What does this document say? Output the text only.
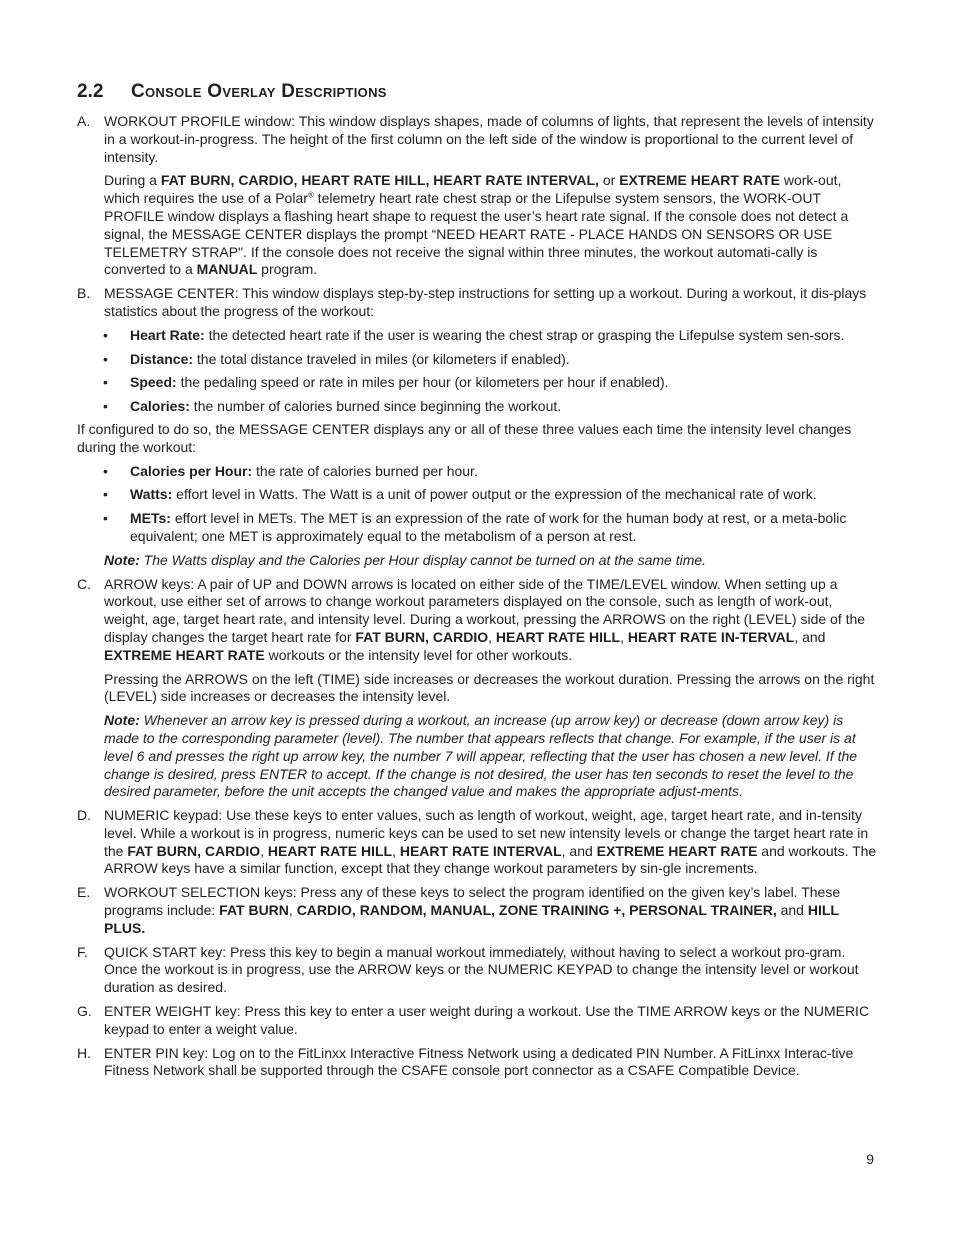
2.2 Console Overlay Descriptions
A. WORKOUT PROFILE window: This window displays shapes, made of columns of lights, that represent the levels of intensity in a workout-in-progress. The height of the first column on the left side of the window is proportional to the current level of intensity.

During a FAT BURN, CARDIO, HEART RATE HILL, HEART RATE INTERVAL, or EXTREME HEART RATE work-out, which requires the use of a Polar® telemetry heart rate chest strap or the Lifepulse system sensors, the WORK-OUT PROFILE window displays a flashing heart shape to request the user’s heart rate signal. If the console does not detect a signal, the MESSAGE CENTER displays the prompt “NEED HEART RATE - PLACE HANDS ON SENSORS OR USE TELEMETRY STRAP". If the console does not receive the signal within three minutes, the workout automati-cally is converted to a MANUAL program.

B. MESSAGE CENTER: This window displays step-by-step instructions for setting up a workout. During a workout, it dis-plays statistics about the progress of the workout:

• Heart Rate: the detected heart rate if the user is wearing the chest strap or grasping the Lifepulse system sen-sors.
• Distance: the total distance traveled in miles (or kilometers if enabled).
• Speed: the pedaling speed or rate in miles per hour (or kilometers per hour if enabled).
• Calories: the number of calories burned since beginning the workout.

If configured to do so, the MESSAGE CENTER displays any or all of these three values each time the intensity level changes during the workout:

• Calories per Hour: the rate of calories burned per hour.
• Watts: effort level in Watts. The Watt is a unit of power output or the expression of the mechanical rate of work.
• METs: effort level in METs. The MET is an expression of the rate of work for the human body at rest, or a meta-bolic equivalent; one MET is approximately equal to the metabolism of a person at rest.

Note: The Watts display and the Calories per Hour display cannot be turned on at the same time.

C. ARROW keys: A pair of UP and DOWN arrows is located on either side of the TIME/LEVEL window. When setting up a workout, use either set of arrows to change workout parameters displayed on the console, such as length of work-out, weight, age, target heart rate, and intensity level. During a workout, pressing the ARROWS on the right (LEVEL) side of the display changes the target heart rate for FAT BURN, CARDIO, HEART RATE HILL, HEART RATE IN-TERVAL, and EXTREME HEART RATE workouts or the intensity level for other workouts.

Pressing the ARROWS on the left (TIME) side increases or decreases the workout duration. Pressing the arrows on the right (LEVEL) side increases or decreases the intensity level.

Note: Whenever an arrow key is pressed during a workout, an increase (up arrow key) or decrease (down arrow key) is made to the corresponding parameter (level). The number that appears reflects that change. For example, if the user is at level 6 and presses the right up arrow key, the number 7 will appear, reflecting that the user has chosen a new level. If the change is desired, press ENTER to accept. If the change is not desired, the user has ten seconds to reset the level to the desired parameter, before the unit accepts the changed value and makes the appropriate adjust-ments.

D. NUMERIC keypad: Use these keys to enter values, such as length of workout, weight, age, target heart rate, and in-tensity level. While a workout is in progress, numeric keys can be used to set new intensity levels or change the target heart rate in the FAT BURN, CARDIO, HEART RATE HILL, HEART RATE INTERVAL, and EXTREME HEART RATE and workouts. The ARROW keys have a similar function, except that they change workout parameters by sin-gle increments.

E. WORKOUT SELECTION keys: Press any of these keys to select the program identified on the given key’s label. These programs include: FAT BURN, CARDIO, RANDOM, MANUAL, ZONE TRAINING +, PERSONAL TRAINER, and HILL PLUS.

F. QUICK START key: Press this key to begin a manual workout immediately, without having to select a workout pro-gram. Once the workout is in progress, use the ARROW keys or the NUMERIC KEYPAD to change the intensity level or workout duration as desired.

G. ENTER WEIGHT key: Press this key to enter a user weight during a workout. Use the TIME ARROW keys or the NUMERIC keypad to enter a weight value.

H. ENTER PIN key: Log on to the FitLinxx Interactive Fitness Network using a dedicated PIN Number. A FitLinxx Interac-tive Fitness Network shall be supported through the CSAFE console port connector as a CSAFE Compatible Device.

9
